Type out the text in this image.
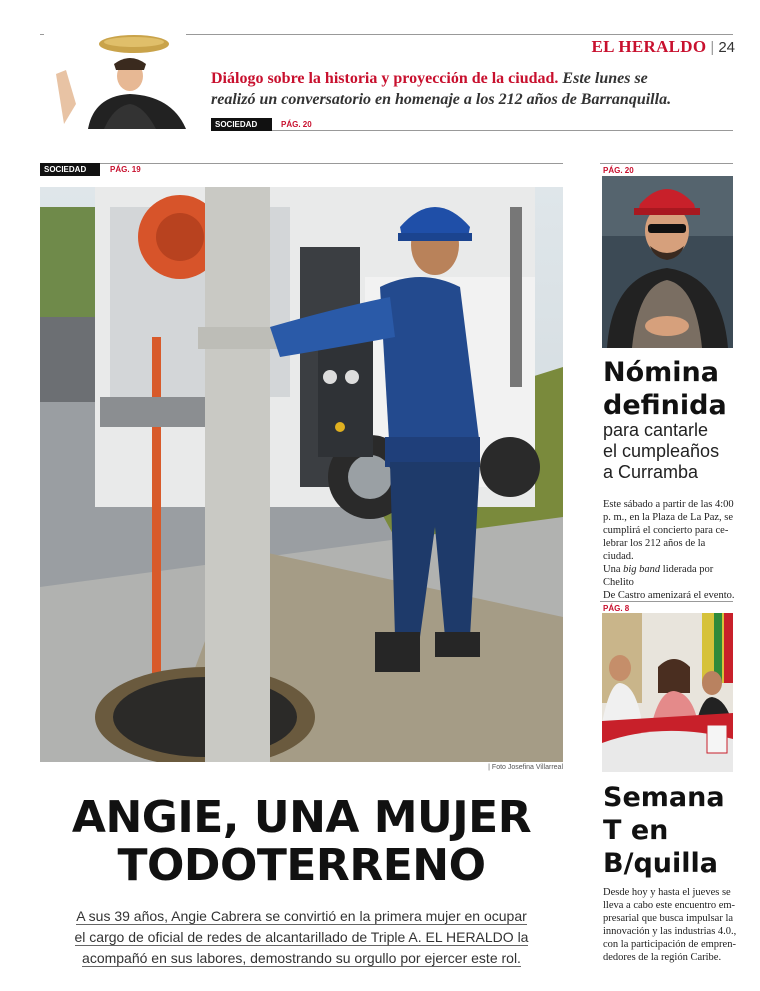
EL HERALDO | 24
Diálogo sobre la historia y proyección de la ciudad. Este lunes se
realizó un conversatorio en homenaje a los 212 años de Barranquilla.
SOCIEDAD	PÁG. 20
SOCIEDAD	PÁG. 19
| Foto Josefina Villarreal
ANGIE, UNA MUJER
TODOTERRENO
A sus 39 años, Angie Cabrera se convirtió en la primera mujer en ocupar
el cargo de oficial de redes de alcantarillado de Triple A. EL HERALDO la
acompañó en sus labores, demostrando su orgullo por ejercer este rol.
PÁG. 20
Nómina
definida
para cantarle
el cumpleaños
a Curramba
Este sábado a partir de las 4:00
p. m., en la Plaza de La Paz, se
cumplirá el concierto para ce-
lebrar los 212 años de la ciudad.
Una big band liderada por Chelito
De Castro amenizará el evento.
PÁG. 8
Semana
T en
B/quilla
Desde hoy y hasta el jueves se
lleva a cabo este encuentro em-
presarial que busca impulsar la
innovación y las industrias 4.0.,
con la participación de empren-
dedores de la región Caribe.
